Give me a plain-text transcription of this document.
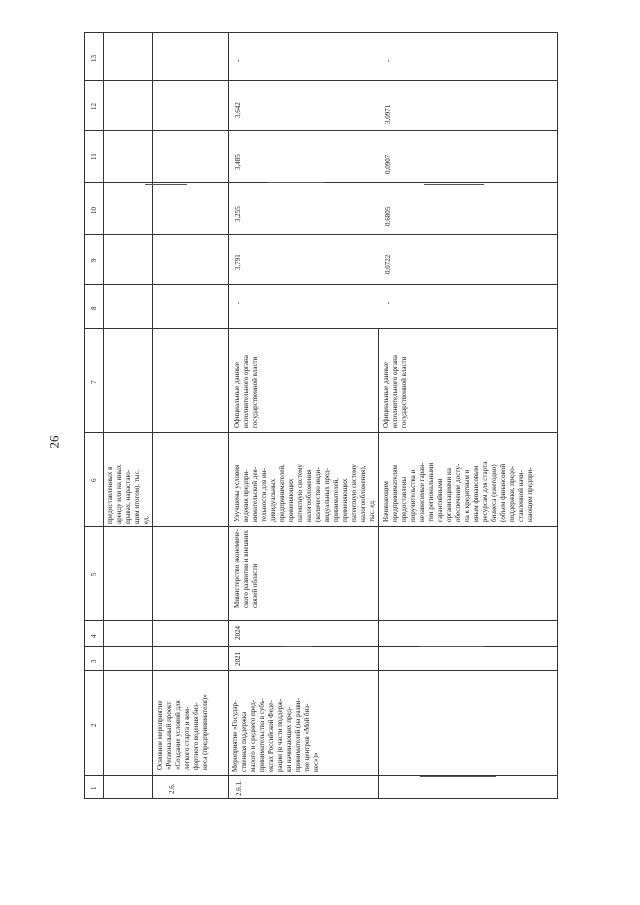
26
1
2
3
4
5
6
7
8
9
10
11
12
13
предоставленных в аренду или на иных правах, нарастаю- щим итогом), тыс. ед.
2.6.
Основное мероприятие «Региональный проект «Создание условий для легкого старта и ком- фортного ведения биз- неса (предпринимателя)»
2.6.1.
Мероприятие «Государ- ственная поддержка малого и среднего пред- принимательства в субъ- ектах Российской Феде- рации (в части поддерж- ки начинающих пред- принимателей (на разви- тие центров «Мой биз- нес»)»
2021
2024
Министерство экономиче- ского развития и внешних связей области
Улучшены условия ведения предпри- нимательской дея- тельности для ин- дивидуальных предпринимателей, применяющих патентную систему налогообложения (количество инди- видуальных пред- принимателей, применяющих патентную систему налогообложения), тыс. ед.
Официальные данные исполнительного органа государственной власти
-
3,791
3,255
3,485
3,642
-
Начинающим предпринимателям предоставлены поручительства и независимые гаран- тии региональными гарантийными организациями на обеспечение досту- па к кредитным и иным финансовым ресурсам для старта бизнеса (ежегодно) (объем финансовой поддержки, предо- ставленной начи- нающим предпри-
Официальные данные исполнительного органа государственной власти
-
0,0722
0,6805
0,0907
3,0971
-
